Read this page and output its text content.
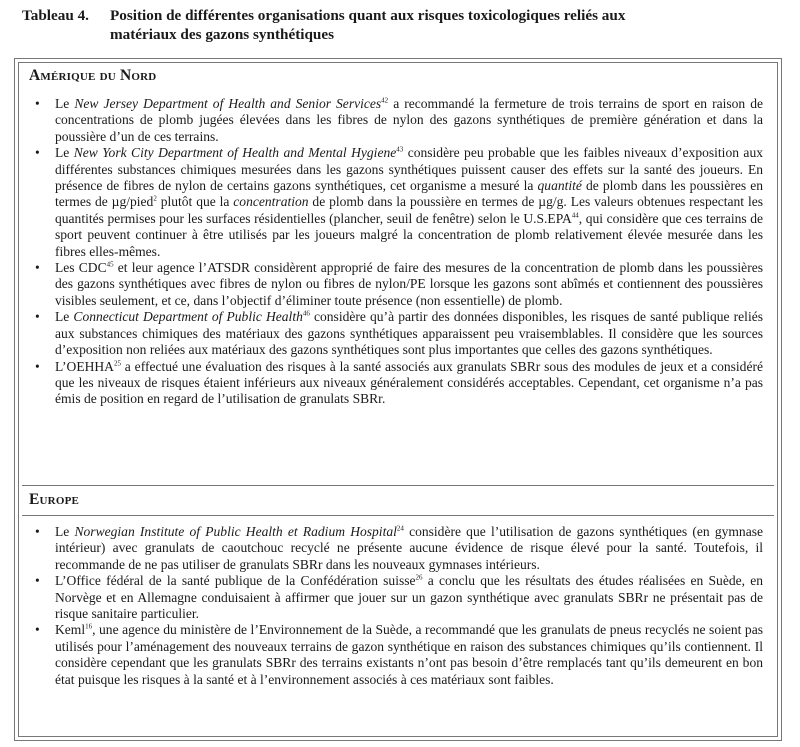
Tableau 4. Position de différentes organisations quant aux risques toxicologiques reliés aux
matériaux des gazons synthétiques
Amérique du Nord
• Le New Jersey Department of Health and Senior Services$^{42}$ a recommandé la fermeture de trois terrains de sport en raison de concentrations de plomb jugées élevées dans les fibres de nylon des gazons synthétiques de première génération et dans la poussière d’un de ces terrains.
• Le New York City Department of Health and Mental Hygiene$^{43}$ considère peu probable que les faibles niveaux d’exposition aux différentes substances chimiques mesurées dans les gazons synthétiques puissent causer des effets sur la santé des joueurs. En présence de fibres de nylon de certains gazons synthétiques, cet organisme a mesuré la quantité de plomb dans les poussières en termes de µg/pied$^2$ plutôt que la concentration de plomb dans la poussière en termes de µg/g. Les valeurs obtenues respectant les quantités permises pour les surfaces résidentielles (plancher, seuil de fenêtre) selon le U.S.EPA$^{44}$, qui considère que ces terrains de sport peuvent continuer à être utilisés par les joueurs malgré la concentration de plomb relativement élevée mesurée dans les fibres elles-mêmes.
• Les CDC$^{45}$ et leur agence l’ATSDR considèrent approprié de faire des mesures de la concentration de plomb dans les poussières des gazons synthétiques avec fibres de nylon ou fibres de nylon/PE lorsque les gazons sont abîmés et contiennent des poussières visibles seulement, et ce, dans l’objectif d’éliminer toute présence (non essentielle) de plomb.
• Le Connecticut Department of Public Health$^{46}$ considère qu’à partir des données disponibles, les risques de santé publique reliés aux substances chimiques des matériaux des gazons synthétiques apparaissent peu vraisemblables. Il considère que les sources d’exposition non reliées aux matériaux des gazons synthétiques sont plus importantes que celles des gazons synthétiques.
• L’OEHHA$^{25}$ a effectué une évaluation des risques à la santé associés aux granulats SBRr sous des modules de jeux et a considéré que les niveaux de risques étaient inférieurs aux niveaux généralement considérés acceptables. Cependant, cet organisme n’a pas émis de position en regard de l’utilisation de granulats SBRr.
Europe
• Le Norwegian Institute of Public Health et Radium Hospital$^{24}$ considère que l’utilisation de gazons synthétiques (en gymnase intérieur) avec granulats de caoutchouc recyclé ne présente aucune évidence de risque élevé pour la santé. Toutefois, il recommande de ne pas utiliser de granulats SBRr dans les nouveaux gymnases intérieurs.
• L’Office fédéral de la santé publique de la Confédération suisse$^{26}$ a conclu que les résultats des études réalisées en Suède, en Norvège et en Allemagne conduisaient à affirmer que jouer sur un gazon synthétique avec granulats SBRr ne présentait pas de risque sanitaire particulier.
• Keml$^{16}$, une agence du ministère de l’Environnement de la Suède, a recommandé que les granulats de pneus recyclés ne soient pas utilisés pour l’aménagement des nouveaux terrains de gazon synthétique en raison des substances chimiques qu’ils contiennent. Il considère cependant que les granulats SBRr des terrains existants n’ont pas besoin d’être remplacés tant qu’ils demeurent en bon état puisque les risques à la santé et à l’environnement associés à ces matériaux sont faibles.
